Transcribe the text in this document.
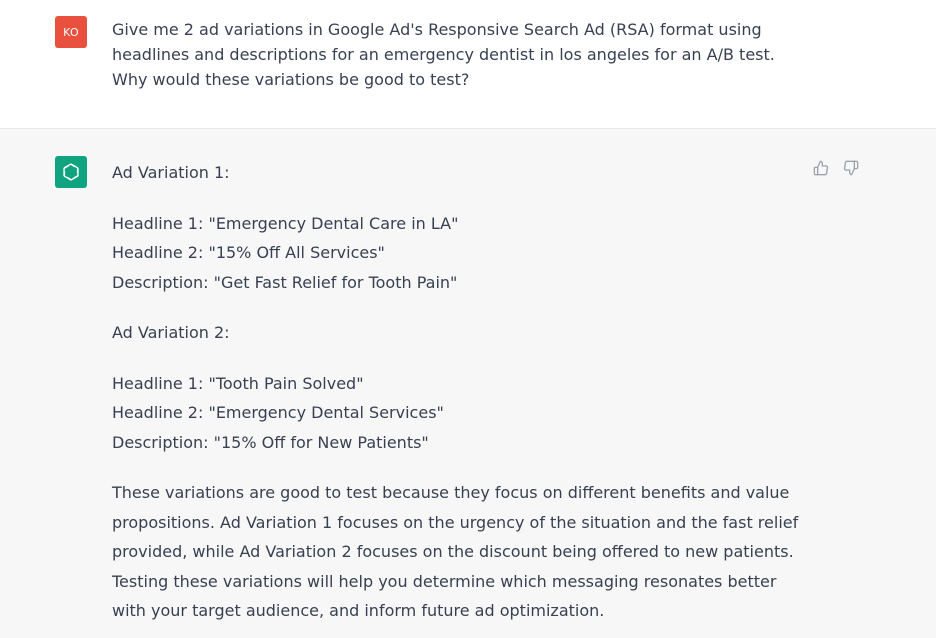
KO Give me 2 ad variations in Google Ad's Responsive Search Ad (RSA) format using headlines and descriptions for an emergency dentist in los angeles for an A/B test. Why would these variations be good to test?

Ad Variation 1:

Headline 1: "Emergency Dental Care in LA"

Headline 2: "15% Off All Services"

Description: "Get Fast Relief for Tooth Pain"

Ad Variation 2:

Headline 1: "Tooth Pain Solved"

Headline 2: "Emergency Dental Services"

Description: "15% Off for New Patients"

These variations are good to test because they focus on different benefits and value propositions. Ad Variation 1 focuses on the urgency of the situation and the fast relief provided, while Ad Variation 2 focuses on the discount being offered to new patients. Testing these variations will help you determine which messaging resonates better with your target audience, and inform future ad optimization.
